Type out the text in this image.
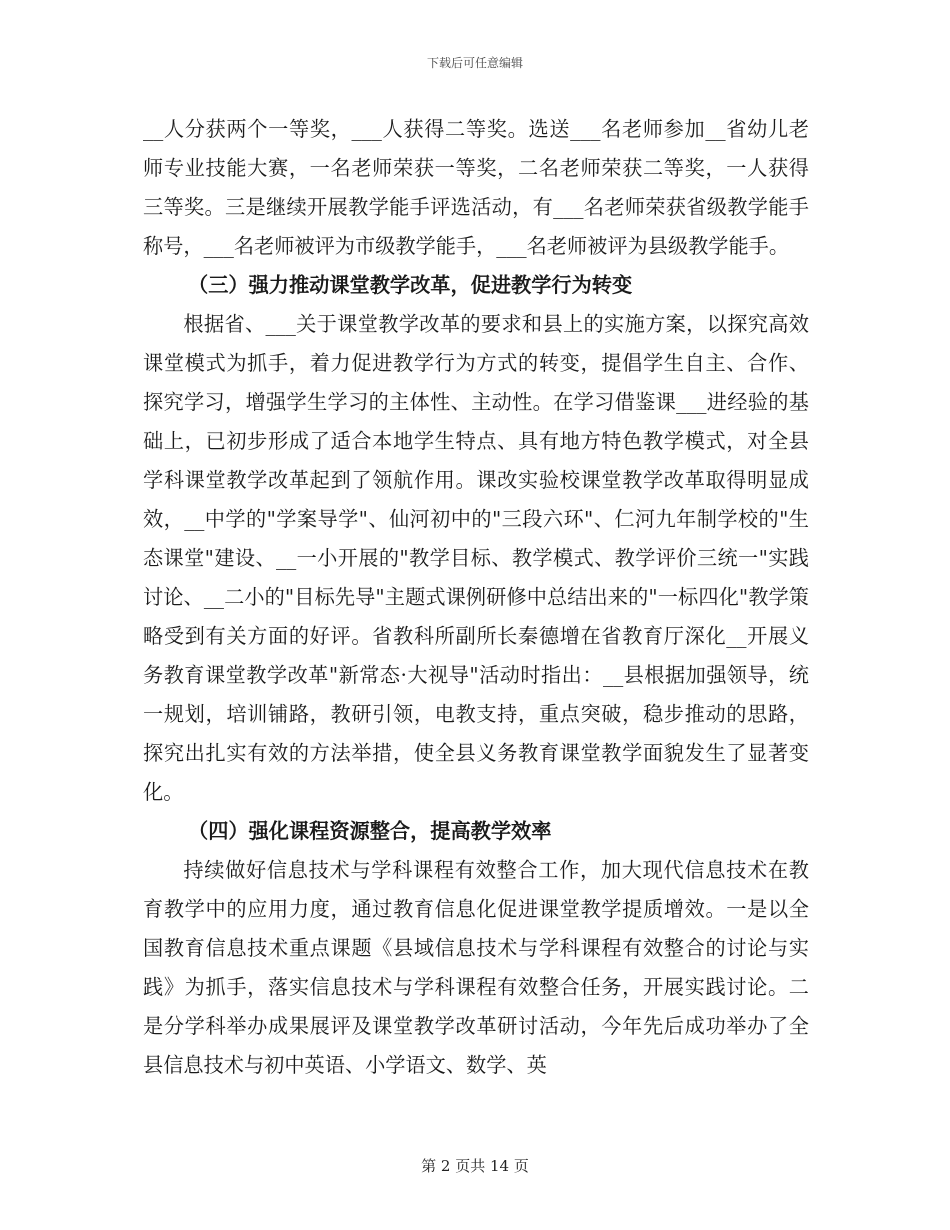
下载后可任意编辑

__人分获两个一等奖，___人获得二等奖。选送___名老师参加__省幼儿老师专业技能大赛，一名老师荣获一等奖，二名老师荣获二等奖，一人获得三等奖。三是继续开展教学能手评选活动，有___名老师荣获省级教学能手称号，___名老师被评为市级教学能手，___名老师被评为县级教学能手。

（三）强力推动课堂教学改革，促进教学行为转变

根据省、___关于课堂教学改革的要求和县上的实施方案，以探究高效课堂模式为抓手，着力促进教学行为方式的转变，提倡学生自主、合作、探究学习，增强学生学习的主体性、主动性。在学习借鉴课___进经验的基础上，已初步形成了适合本地学生特点、具有地方特色教学模式，对全县学科课堂教学改革起到了领航作用。课改实验校课堂教学改革取得明显成效，__中学的"学案导学"、仙河初中的"三段六环"、仁河九年制学校的"生态课堂"建设、__一小开展的"教学目标、教学模式、教学评价三统一"实践讨论、__二小的"目标先导"主题式课例研修中总结出来的"一标四化"教学策略受到有关方面的好评。省教科所副所长秦德增在省教育厅深化__开展义务教育课堂教学改革"新常态·大视导"活动时指出：__县根据加强领导，统一规划，培训铺路，教研引领，电教支持，重点突破，稳步推动的思路，探究出扎实有效的方法举措，使全县义务教育课堂教学面貌发生了显著变化。

（四）强化课程资源整合，提高教学效率

持续做好信息技术与学科课程有效整合工作，加大现代信息技术在教育教学中的应用力度，通过教育信息化促进课堂教学提质增效。一是以全国教育信息技术重点课题《县域信息技术与学科课程有效整合的讨论与实践》为抓手，落实信息技术与学科课程有效整合任务，开展实践讨论。二是分学科举办成果展评及课堂教学改革研讨活动，今年先后成功举办了全县信息技术与初中英语、小学语文、数学、英

第 2 页共 14 页
